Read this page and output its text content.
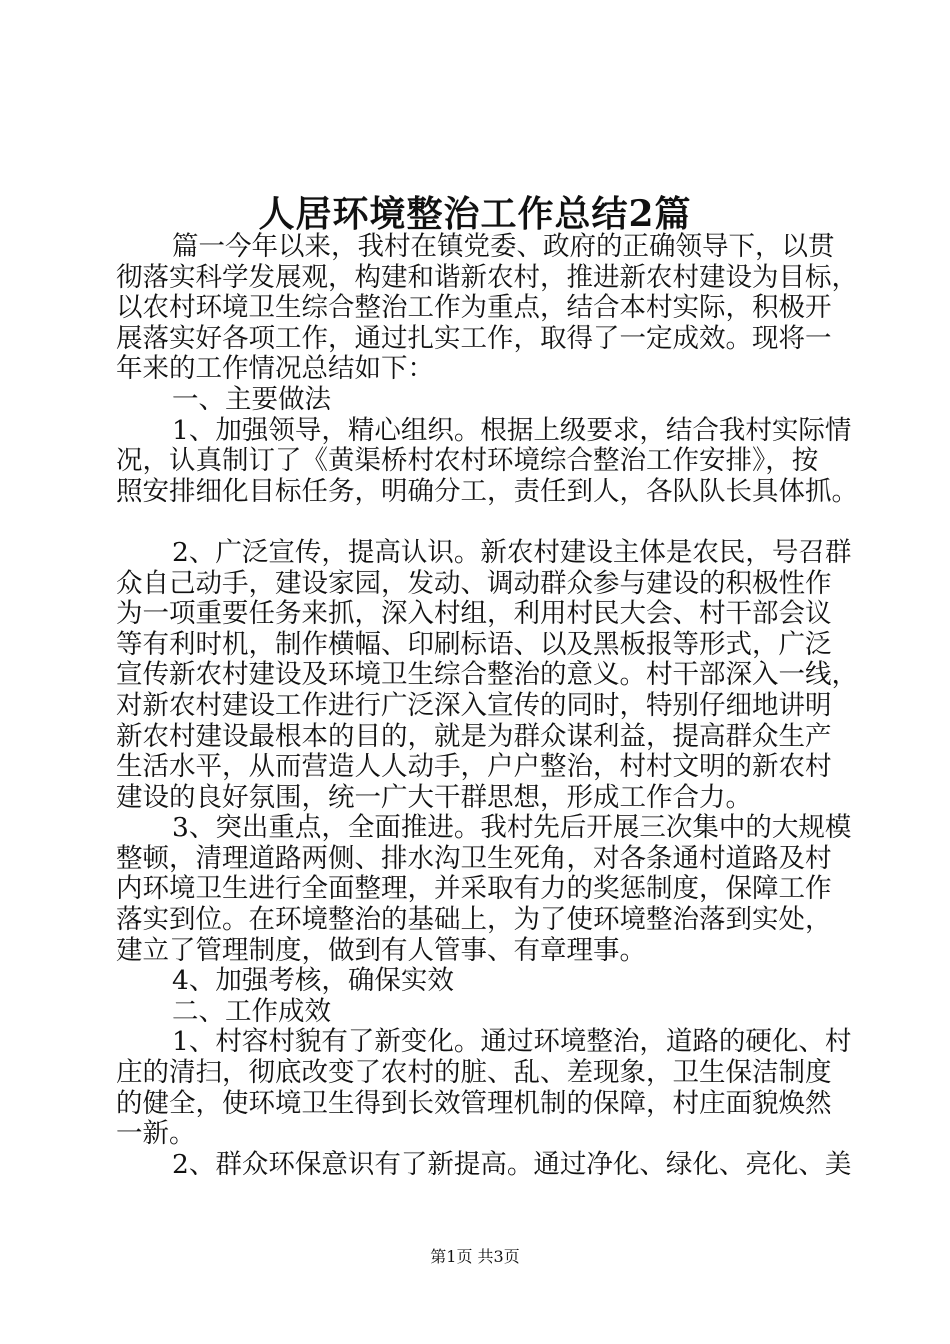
人居环境整治工作总结2篇
篇一今年以来，我村在镇党委、政府的正确领导下，以贯
彻落实科学发展观，构建和谐新农村，推进新农村建设为目标，
以农村环境卫生综合整治工作为重点，结合本村实际，积极开
展落实好各项工作，通过扎实工作，取得了一定成效。现将一
年来的工作情况总结如下：
一、主要做法
1、加强领导，精心组织。根据上级要求，结合我村实际情
况，认真制订了《黄渠桥村农村环境综合整治工作安排》，按
照安排细化目标任务，明确分工，责任到人，各队队长具体抓。
2、广泛宣传，提高认识。新农村建设主体是农民，号召群
众自己动手，建设家园，发动、调动群众参与建设的积极性作
为一项重要任务来抓，深入村组，利用村民大会、村干部会议
等有利时机，制作横幅、印刷标语、以及黑板报等形式，广泛
宣传新农村建设及环境卫生综合整治的意义。村干部深入一线，
对新农村建设工作进行广泛深入宣传的同时，特别仔细地讲明
新农村建设最根本的目的，就是为群众谋利益，提高群众生产
生活水平，从而营造人人动手，户户整治，村村文明的新农村
建设的良好氛围，统一广大干群思想，形成工作合力。
3、突出重点，全面推进。我村先后开展三次集中的大规模
整顿，清理道路两侧、排水沟卫生死角，对各条通村道路及村
内环境卫生进行全面整理，并采取有力的奖惩制度，保障工作
落实到位。在环境整治的基础上，为了使环境整治落到实处，
建立了管理制度，做到有人管事、有章理事。
4、加强考核，确保实效
二、工作成效
1、村容村貌有了新变化。通过环境整治，道路的硬化、村
庄的清扫，彻底改变了农村的脏、乱、差现象，卫生保洁制度
的健全，使环境卫生得到长效管理机制的保障，村庄面貌焕然
一新。
2、群众环保意识有了新提高。通过净化、绿化、亮化、美
第1页 共3页
